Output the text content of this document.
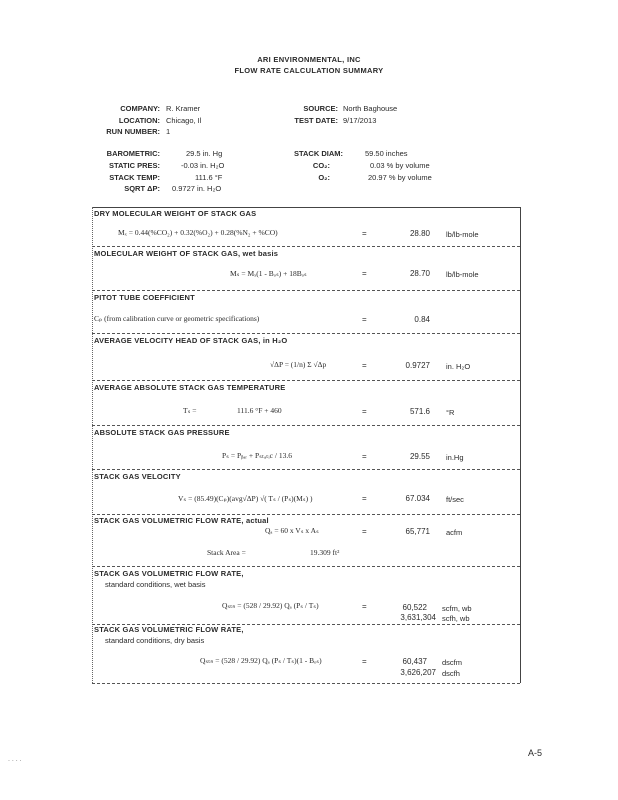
ARI ENVIRONMENTAL, INC
FLOW RATE CALCULATION SUMMARY
COMPANY: R. Kramer	SOURCE: North Baghouse
LOCATION: Chicago, Il	TEST DATE: 9/17/2013
RUN NUMBER: 1
BAROMETRIC:	29.5 in. Hg	STACK DIAM:	59.50 inches
STATIC PRES:	-0.03 in. H₂O	CO₂:	0.03 % by volume
STACK TEMP:	111.6 °F	O₂:	20.97 % by volume
SQRT ΔP: 0.9727 in. H₂O
DRY MOLECULAR WEIGHT OF STACK GAS
Mₓ = 0.44(%CO₂) + 0.32(%O₂) + 0.28(%N₂ + %CO)	=	28.80 lb/lb-mole
MOLECULAR WEIGHT OF STACK GAS, wet basis
Mₛ = Mₓ(1 - Bₒₛ) + 18Bₒₛ	=	28.70 lb/lb-mole
PITOT TUBE COEFFICIENT
Cₚ (from calibration curve or geometric specifications)	=	0.84
AVERAGE VELOCITY HEAD OF STACK GAS, in H₂O
√ΔP = (1/n) Σ √Δp	=	0.9727 in. H₂O
AVERAGE ABSOLUTE STACK GAS TEMPERATURE
Tₛ =	111.6 °F + 460	=	571.6 °R
ABSOLUTE STACK GAS PRESSURE
Pₛ = Pᵦₐᵣ + Pₛₜₐₜᵢc / 13.6	=	29.55 in.Hg
STACK GAS VELOCITY
Vₛ = (85.49)(Cₚ)(avg√ΔP) √( Tₛ / (Pₛ)(Mₛ) )	=	67.034 ft/sec
STACK GAS VOLUMETRIC FLOW RATE, actual
Qₐ = 60 x Vₛ x Aₛ	=	65,771 acfm
Stack Area =	19.309 ft²
STACK GAS VOLUMETRIC FLOW RATE,
standard conditions, wet basis
Qₛₜₙ = (528 / 29.92) Qₐ (Pₛ / Tₛ)	=	60,522 scfm, wb
3,631,304 scfh, wb
STACK GAS VOLUMETRIC FLOW RATE,
standard conditions, dry basis
Qₛₜₙ = (528 / 29.92) Qₐ (Pₛ / Tₛ)(1 - Bₒₛ)	=	60,437 dscfm
3,626,207 dscfh
A-5
. . . .
